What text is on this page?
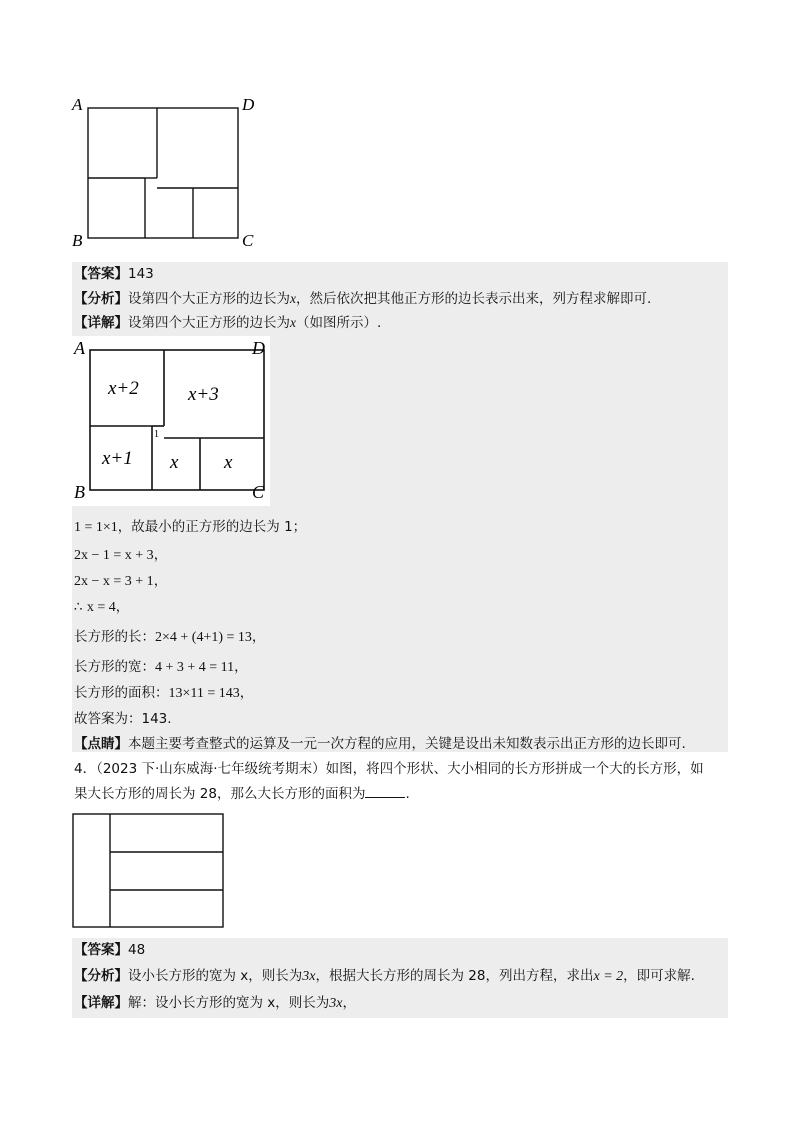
A	D
B	C
【答案】143
【分析】设第四个大正方形的边长为x，然后依次把其他正方形的边长表示出来，列方程求解即可.
【详解】设第四个大正方形的边长为x（如图所示）.
A	D
B	C
x+2	x+3
x+1
1
x x
1 = 1×1，故最小的正方形的边长为 1；
2x − 1 = x + 3，
2x − x = 3 + 1，
∴ x = 4，
长方形的长：2×4 + (4+1) = 13，
长方形的宽：4 + 3 + 4 = 11，
长方形的面积：13×11 = 143，
故答案为：143.
【点睛】本题主要考查整式的运算及一元一次方程的应用，关键是设出未知数表示出正方形的边长即可.
4．（2023 下·山东威海·七年级统考期末）如图，将四个形状、大小相同的长方形拼成一个大的长方形，如
果大长方形的周长为 28，那么大长方形的面积为	.
【答案】48
【分析】设小长方形的宽为 x，则长为3x，根据大长方形的周长为 28，列出方程，求出x = 2，即可求解.
【详解】解：设小长方形的宽为 x，则长为3x，
